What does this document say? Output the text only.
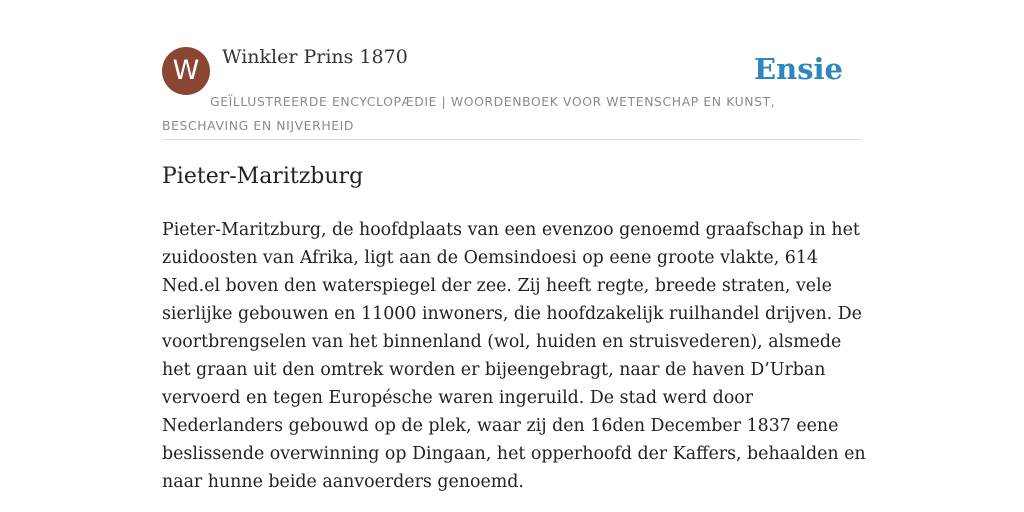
W	Winkler Prins 1870	Ensie
GEÏLLUSTREERDE ENCYCLOPÆDIE | WOORDENBOEK VOOR WETENSCHAP EN KUNST, BESCHAVING EN NIJVERHEID
Pieter-Maritzburg

Pieter-Maritzburg, de hoofdplaats van een evenzoo genoemd graafschap in het zuidoosten van Afrika, ligt aan de Oemsindoesi op eene groote vlakte, 614 Ned.el boven den waterspiegel der zee. Zij heeft regte, breede straten, vele sierlijke gebouwen en 11000 inwoners, die hoofdzakelijk ruilhandel drijven. De voortbrengselen van het binnenland (wol, huiden en struisvederen), alsmede het graan uit den omtrek worden er bijeengebragt, naar de haven D’Urban vervoerd en tegen Europésche waren ingeruild. De stad werd door Nederlanders gebouwd op de plek, waar zij den 16den December 1837 eene beslissende overwinning op Dingaan, het opperhoofd der Kaffers, behaalden en naar hunne beide aanvoerders genoemd.
